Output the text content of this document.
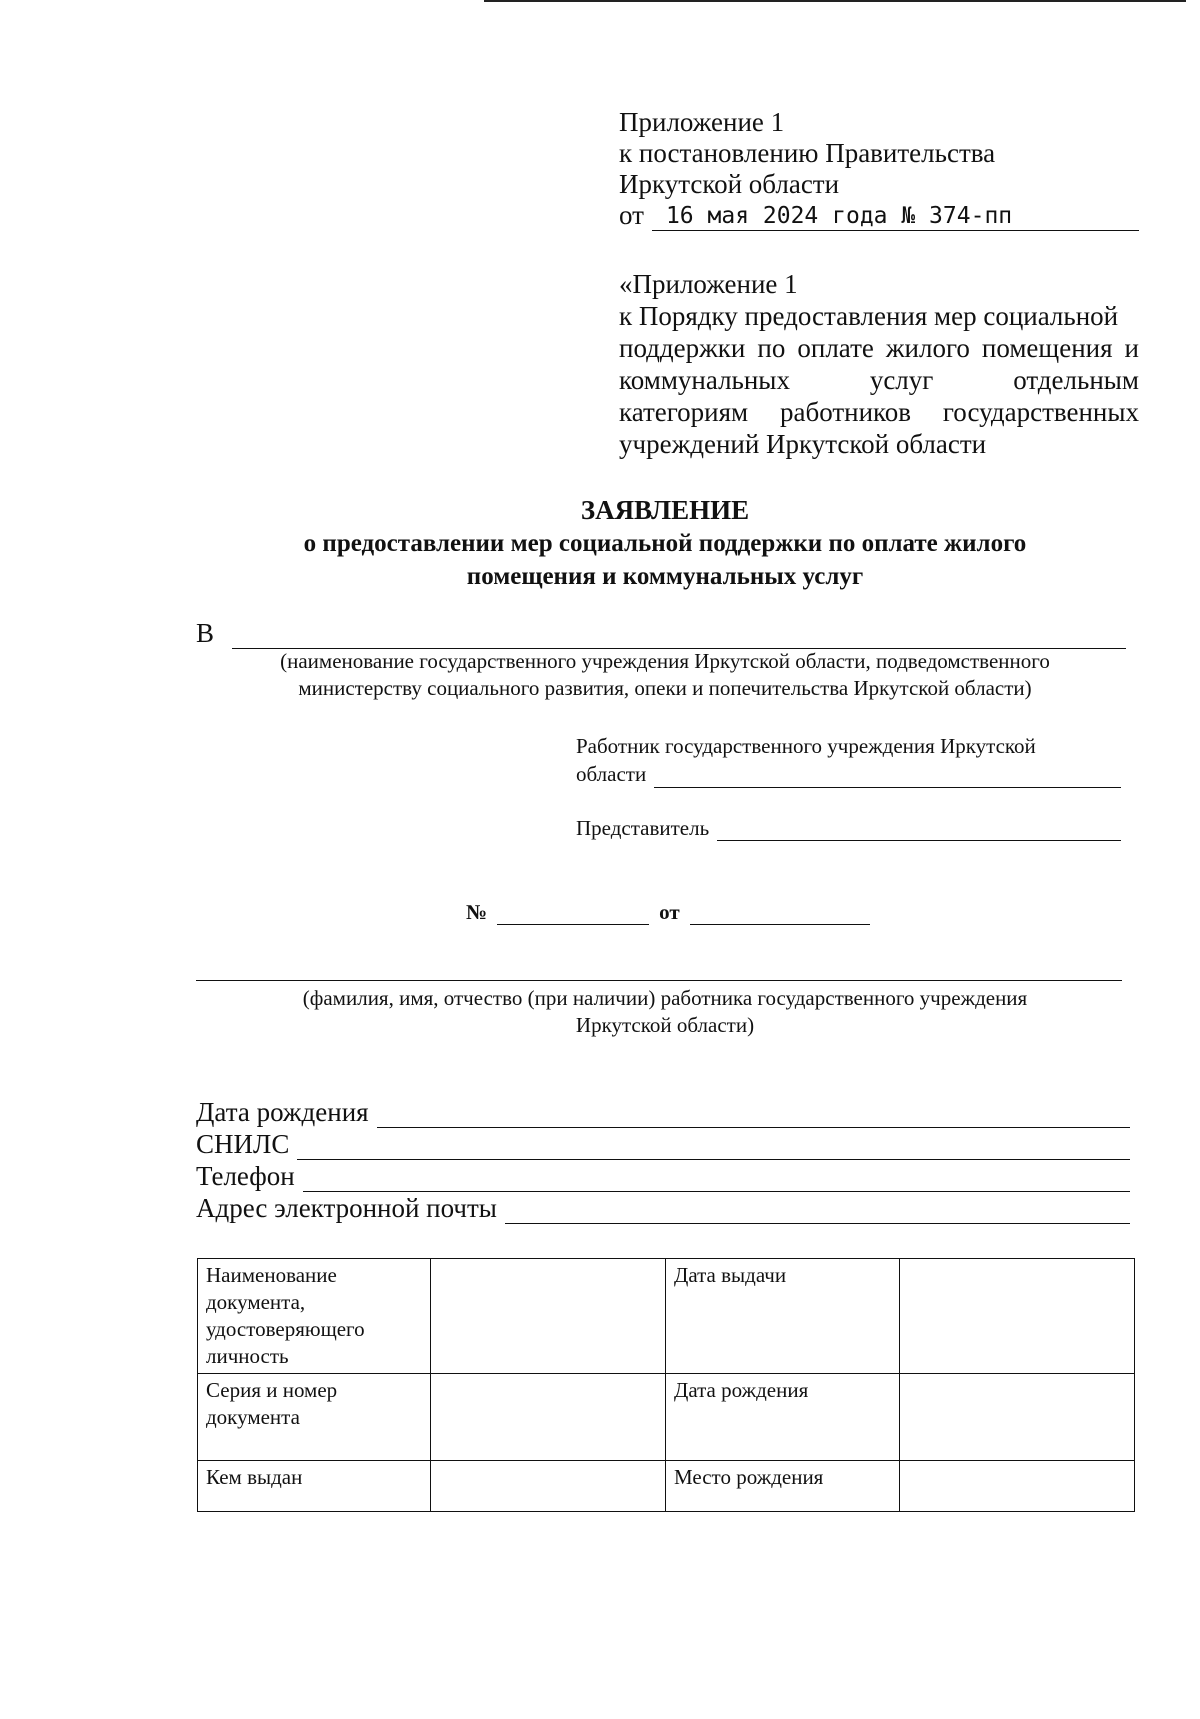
Приложение 1
к постановлению Правительства
Иркутской области
от 16 мая 2024 года № 374-пп
«Приложение 1
к Порядку предоставления мер социальной
поддержки по оплате жилого помещения и
коммунальных услуг отдельным
категориям работников государственных
учреждений Иркутской области
ЗАЯВЛЕНИЕ
о предоставлении мер социальной поддержки по оплате жилого
помещения и коммунальных услуг
В
(наименование государственного учреждения Иркутской области, подведомственного
министерству социального развития, опеки и попечительства Иркутской области)
Работник государственного учреждения Иркутской
области
Представитель
№	от
(фамилия, имя, отчество (при наличии) работника государственного учреждения
Иркутской области)
Дата рождения
СНИЛС
Телефон
Адрес электронной почты
Наименование документа, удостоверяющего личность		Дата выдачи	
Серия и номер документа		Дата рождения	
Кем выдан		Место рождения	
